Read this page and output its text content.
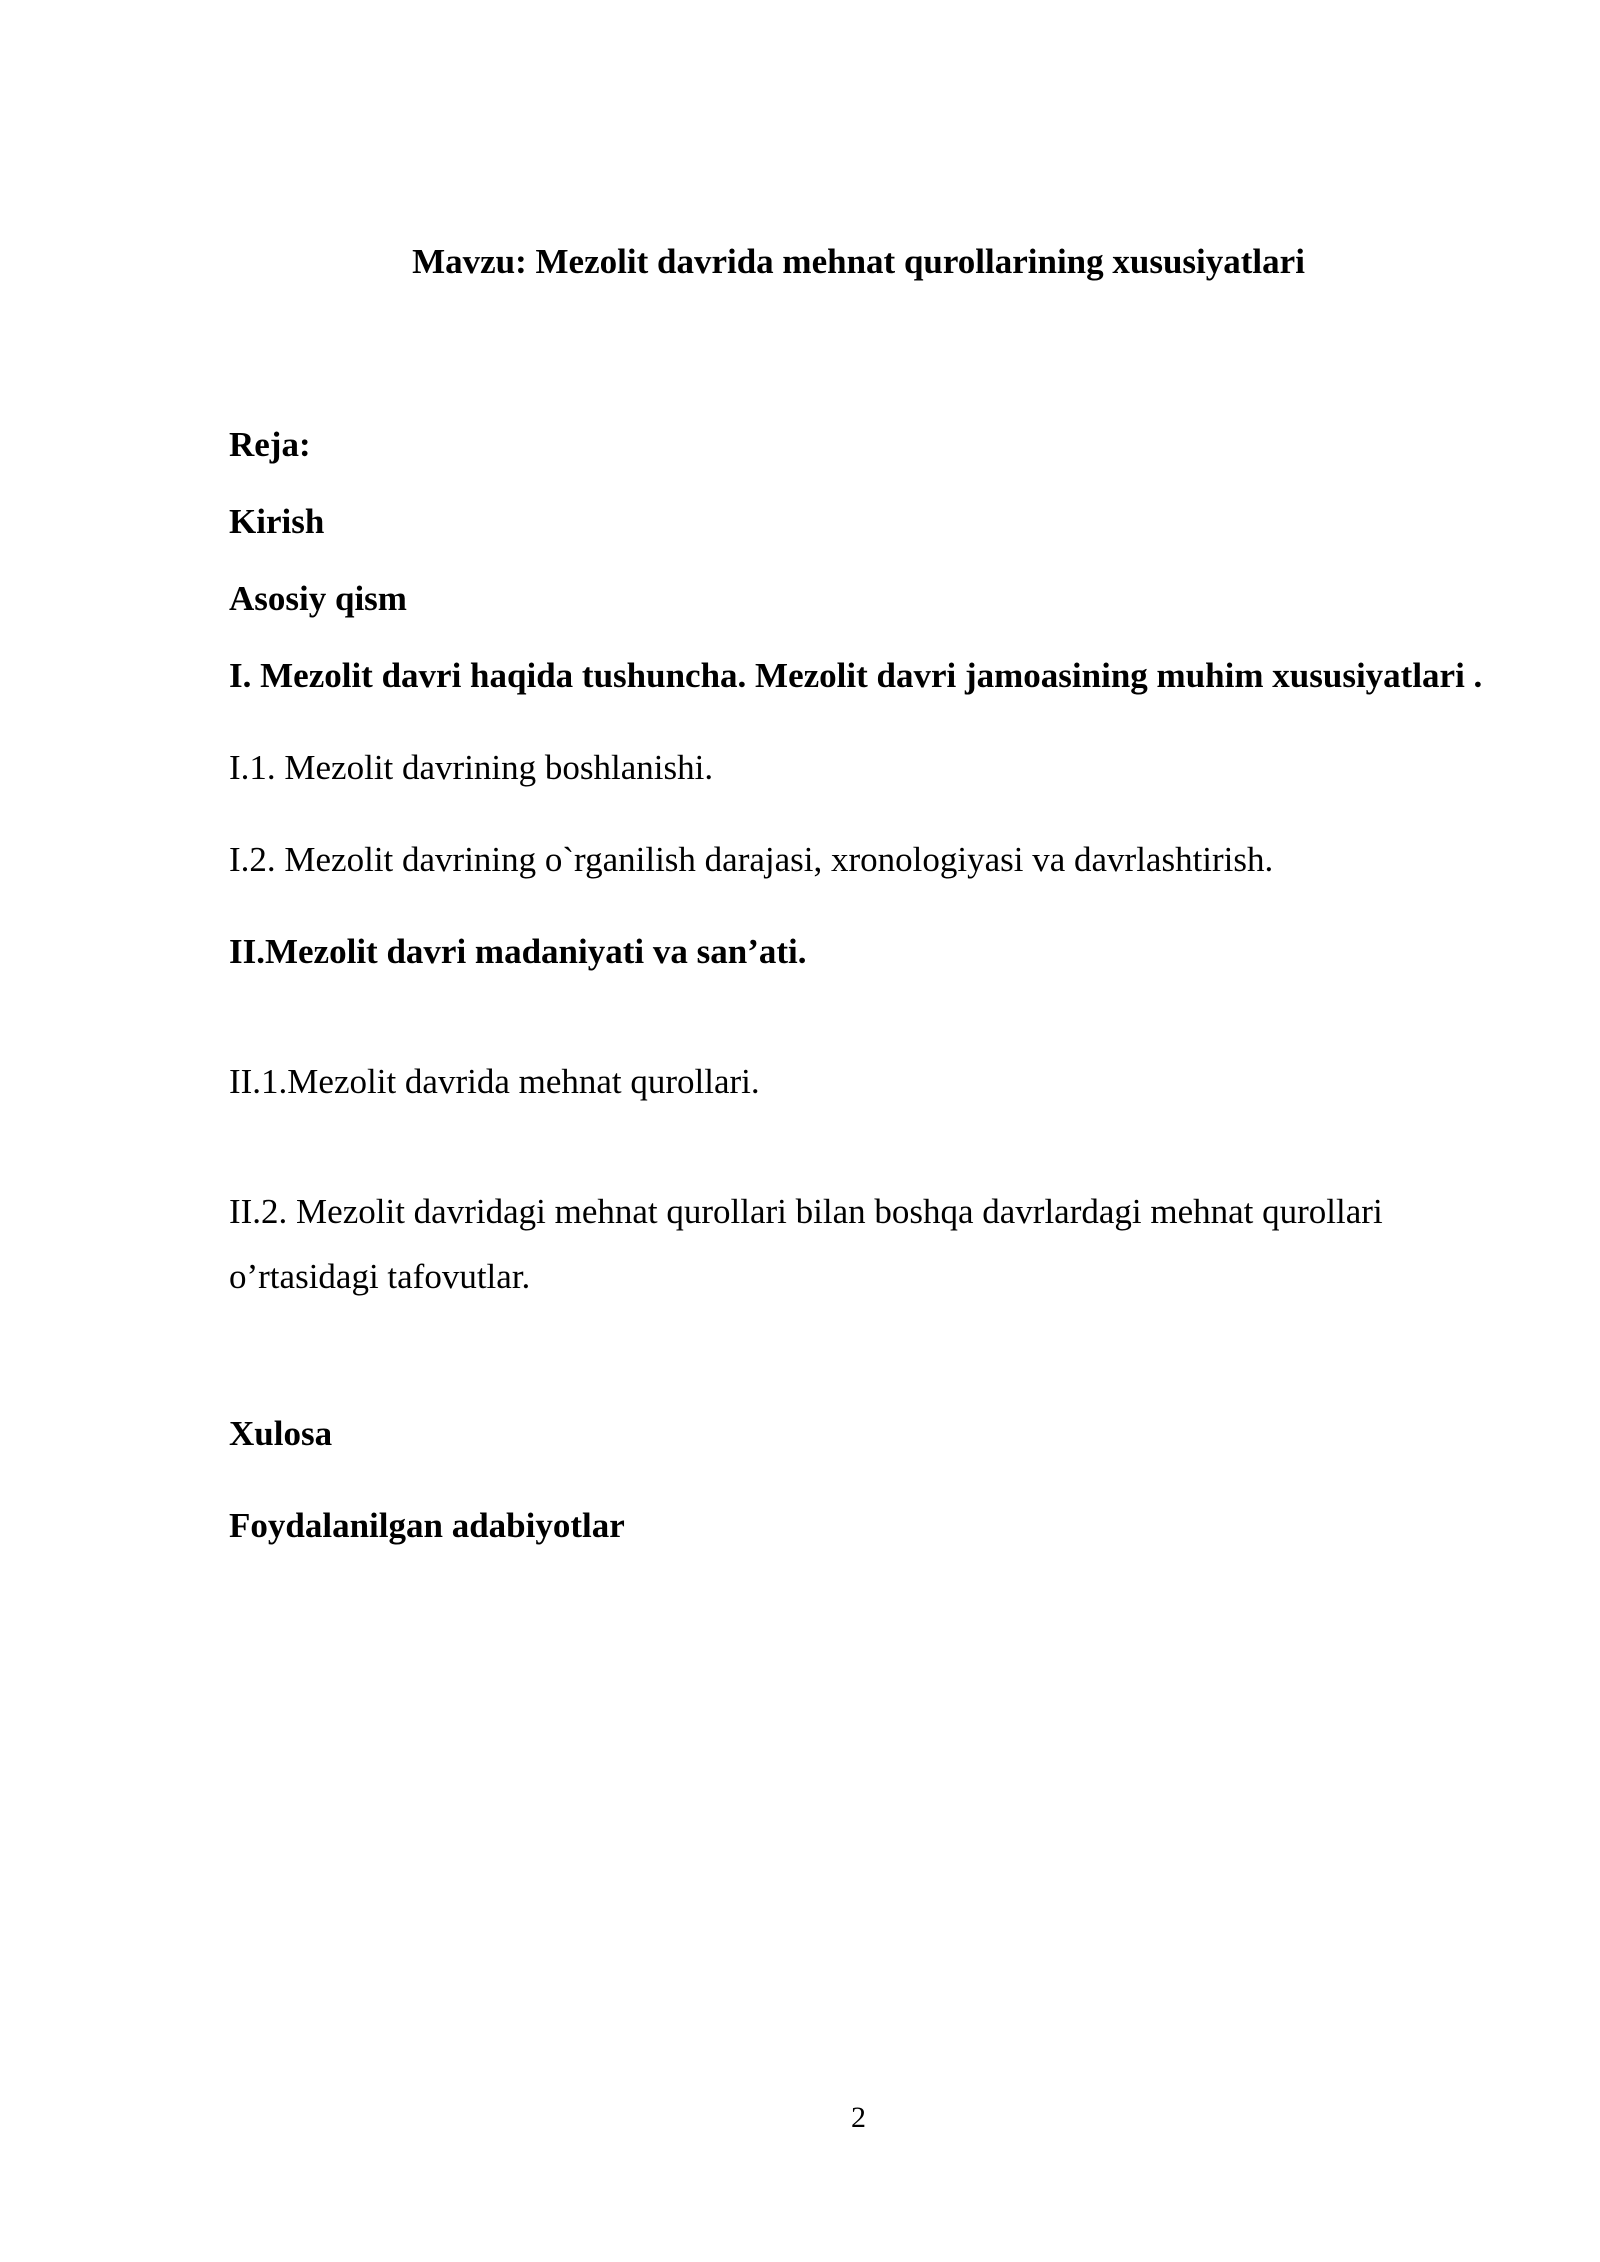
Mavzu: Mezolit davrida mehnat qurollarining xususiyatlari
Reja:
Kirish
Asosiy qism
I. Mezolit davri haqida tushuncha. Mezolit davri jamoasining muhim xususiyatlari .
I.1. Mezolit davrining boshlanishi.
I.2. Mezolit davrining o`rganilish darajasi, xronologiyasi va davrlashtirish.
II.Mezolit davri madaniyati va san’ati.
II.1.Mezolit davrida mehnat qurollari.
II.2. Mezolit davridagi mehnat qurollari bilan boshqa davrlardagi mehnat qurollari
o’rtasidagi tafovutlar.
Xulosa
Foydalanilgan adabiyotlar
2
